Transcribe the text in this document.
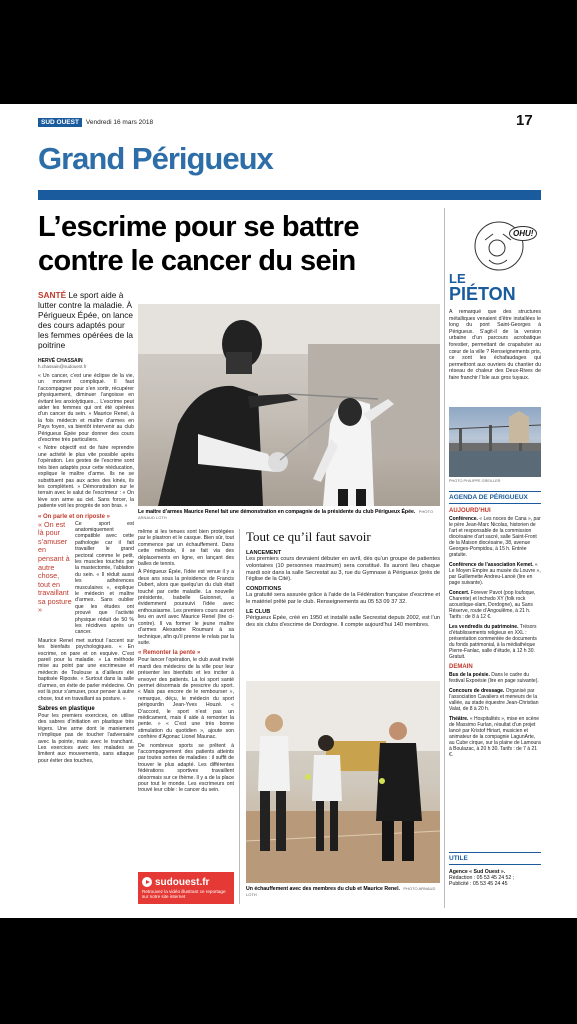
SUD OUEST	Vendredi 16 mars 2018	17
Grand Périgueux
L’escrime pour se battre
contre le cancer du sein
SANTÉ Le sport aide à lutter contre la maladie. À Périgueux Épée, on lance des cours adaptés pour les femmes opérées de la poitrine
HERVÉ CHASSAIN
h.chassain@sudouest.fr

« Un cancer, c’est une éclipse de la vie, un moment compliqué. Il faut l’accompagner pour s’en sortir, récupérer physiquement, diminuer l’angoisse en évitant les anxiolytiques… L’escrime peut aider les femmes qui ont été opérées d’un cancer du sein. » Maurice Renel, à la fois médecin et maître d’armes en Pays foyen, va bientôt intervenir au club Périgueux Épée pour donner des cours d’escrime très particuliers.

« Notre objectif est de faire reprendre une activité le plus vite possible après l’opération. Les gestes de l’escrime sont très bien adaptés pour cette rééducation, explique le maître d’arme. Ils ne se substituent pas aux actes des kinés, ils les complètent. » Démonstration sur le terrain avec le salut de l’escrimeur : « On lève son arme au ciel. Sans forcer, la patiente voit les progrès de son bras. »

« On parle et on riposte »
« On est là pour s’amuser en pensant à autre chose, tout en travaillant sa posture »

Ce sport est anatomiquement compatible avec cette pathologie car il fait travailler le grand pectoral comme le petit, les muscles touchés par la mastectomie, l’ablation du sein. « Il réduit aussi les adhérences musculaires », explique le médecin et maître d’armes. Sans oublier que les études ont prouvé que l’activité physique réduit de 50 % les récidives après un cancer.

Maurice Renel met surtout l’accent sur les bienfaits psychologiques. « En escrime, on pare et on esquive. C’est pareil pour la maladie. » La méthode mise au point par une escrimeuse et médecin de Toulouse a d’ailleurs été baptisée Riposte. « Surtout dans la salle d’armes, on évite de parler médecine. On est là pour s’amuser, pour penser à autre chose, tout en travaillant sa posture. »

Sabres en plastique

Pour les premiers exercices, on utilise des sabres d’initiation en plastique très légers. Une arme dont le maniement n’implique pas de toucher l’adversaire avec la pointe, mais avec le tranchant. Les exercices avec les malades se limitent aux mouvements, sans attaque pour éviter des touches,

Le maître d’armes Maurice Renel fait une démonstration en compagnie de la présidente du club Périgueux Épée. PHOTO ARNAUD LOTH

même si les tenues sont bien protégées par le plastron et le casque. Bien sûr, tout commence par un échauffement. Dans cette méthode, il se fait via des déplacements en ligne, en lançant des balles de tennis.

À Périgueux Épée, l’idée est venue il y a deux ans sous la présidence de Francis Dubert, alors que quelqu’un du club était touché par cette maladie. La nouvelle présidente, Isabelle Guionnet, a évidemment poursuivi l’idée avec enthousiasme. Les premiers cours auront lieu en avril avec Maurice Renel (lire ci-contre). Il va former le jeune maître d’armes Alexandre Roumani à sa technique, afin qu’il prenne le relais par la suite.

« Remonter la pente »

Pour lancer l’opération, le club avait invité mardi des médecins de la ville pour leur présenter les bienfaits et les inciter à envoyer des patients. La loi sport santé permet désormais de prescrire du sport. « Mais pas encore de le rembourser », remarque, déçu, le médecin du sport périgourdin Jean-Yves Houzé. « D’accord, le sport n’est pas un médicament, mais il aide à remonter la pente. » « C’est une très bonne stimulation du quotidien », ajoute son confrère d’Agonac Lionel Maunac.

De nombreux sports se prêtent à l’accompagnement des patients atteints par toutes sortes de maladies : il suffit de trouver le plus adapté. Les différentes fédérations sportives travaillent désormais sur ce thème. Il y a de la place pour tout le monde. Les escrimeurs ont trouvé leur cible : le cancer du sein.

sudouest.fr
Retrouvez la vidéo illustrant ce reportage sur notre site internet
Tout ce qu’il faut savoir
LANCEMENT

Les premiers cours devraient débuter en avril, dès qu’un groupe de patientes volontaires (10 personnes maximum) sera constitué. Ils auront lieu chaque mardi soir dans la salle Secrestat au 3, rue du Gymnase à Périgueux (près de l’église de la Cité).

CONDITIONS

La gratuité sera assurée grâce à l’aide de la Fédération française d’escrime et le matériel prêté par le club. Renseignements au 05 53 09 37 32.

LE CLUB

Périgueux Épée, créé en 1950 et installé salle Secrestat depuis 2002, est l’un des six clubs d’escrime de Dordogne. Il compte aujourd’hui 140 membres.

Un échauffement avec des membres du club et Maurice Renel. PHOTO ARNAUD LOTH
OHU!
LE
PIÉTON

A remarqué que des structures métalliques venaient d’être installées le long du pont Saint-Georges à Périgueux. S’agit-il de la version urbaine d’un parcours acrobatique forestier, permettant de crapahuter au cœur de la ville ? Renseignements pris, ce sont les échafaudages qui permettront aux ouvriers du chantier du réseau de chaleur des Deux-Rives de faire franchir l’Isle aux gros tuyaux.

PHOTO PHILIPPE GREILLER
AGENDA DE PÉRIGUEUX
AUJOURD’HUI
Conférence. « Les noces de Cana », par le père Jean-Marc Nicolas, historien de l’art et responsable de la commission diocésaine d’art sacré, salle Saint-Front de la Maison diocésaine, 38, avenue Georges-Pompidou, à 15 h. Entrée gratuite.
Conférence de l’association Kemet. « Le Moyen Empire au musée du Louvre », par Guillemette Andreu-Lanoë (lire en page suivante).
Concert. Forever Pavot (pop loufoque, Charente) et Inchvdo XY (folk rock acoustique-slam, Dordogne), au Sans Réserve, route d’Angoulême, à 21 h. Tarifs : de 8 à 12 €.
Les vendredis du patrimoine. Trésors d’établissements religieux en XXL : présentation commentée de documents du fonds patrimonial, à la médiathèque Pierre-Fanlac, salle d’étude, à 12 h 30. Gratuit.
DEMAIN
Bus de la poésie. Dans le cadre du festival Expoésie (lire en page suivante).
Concours de dressage. Organisé par l’association Cavaliers et meneurs de la vallée, au stade équestre Jean-Christian Valat, de 8 à 20 h.
Théâtre. « Hospitalités », mise en scène de Massimo Furlan, résultat d’un projet lancé par Kristof Hiriart, musicien et animateur de la compagnie LagunArte, au Cube cirque, sur la plaine de Lamoura à Boulazac, à 20 h 30. Tarifs : de 7 à 21 €.
UTILE
Agence « Sud Ouest ».
Rédaction : 05 53 45 24 52 ;
Publicité : 05 53 45 24 45
